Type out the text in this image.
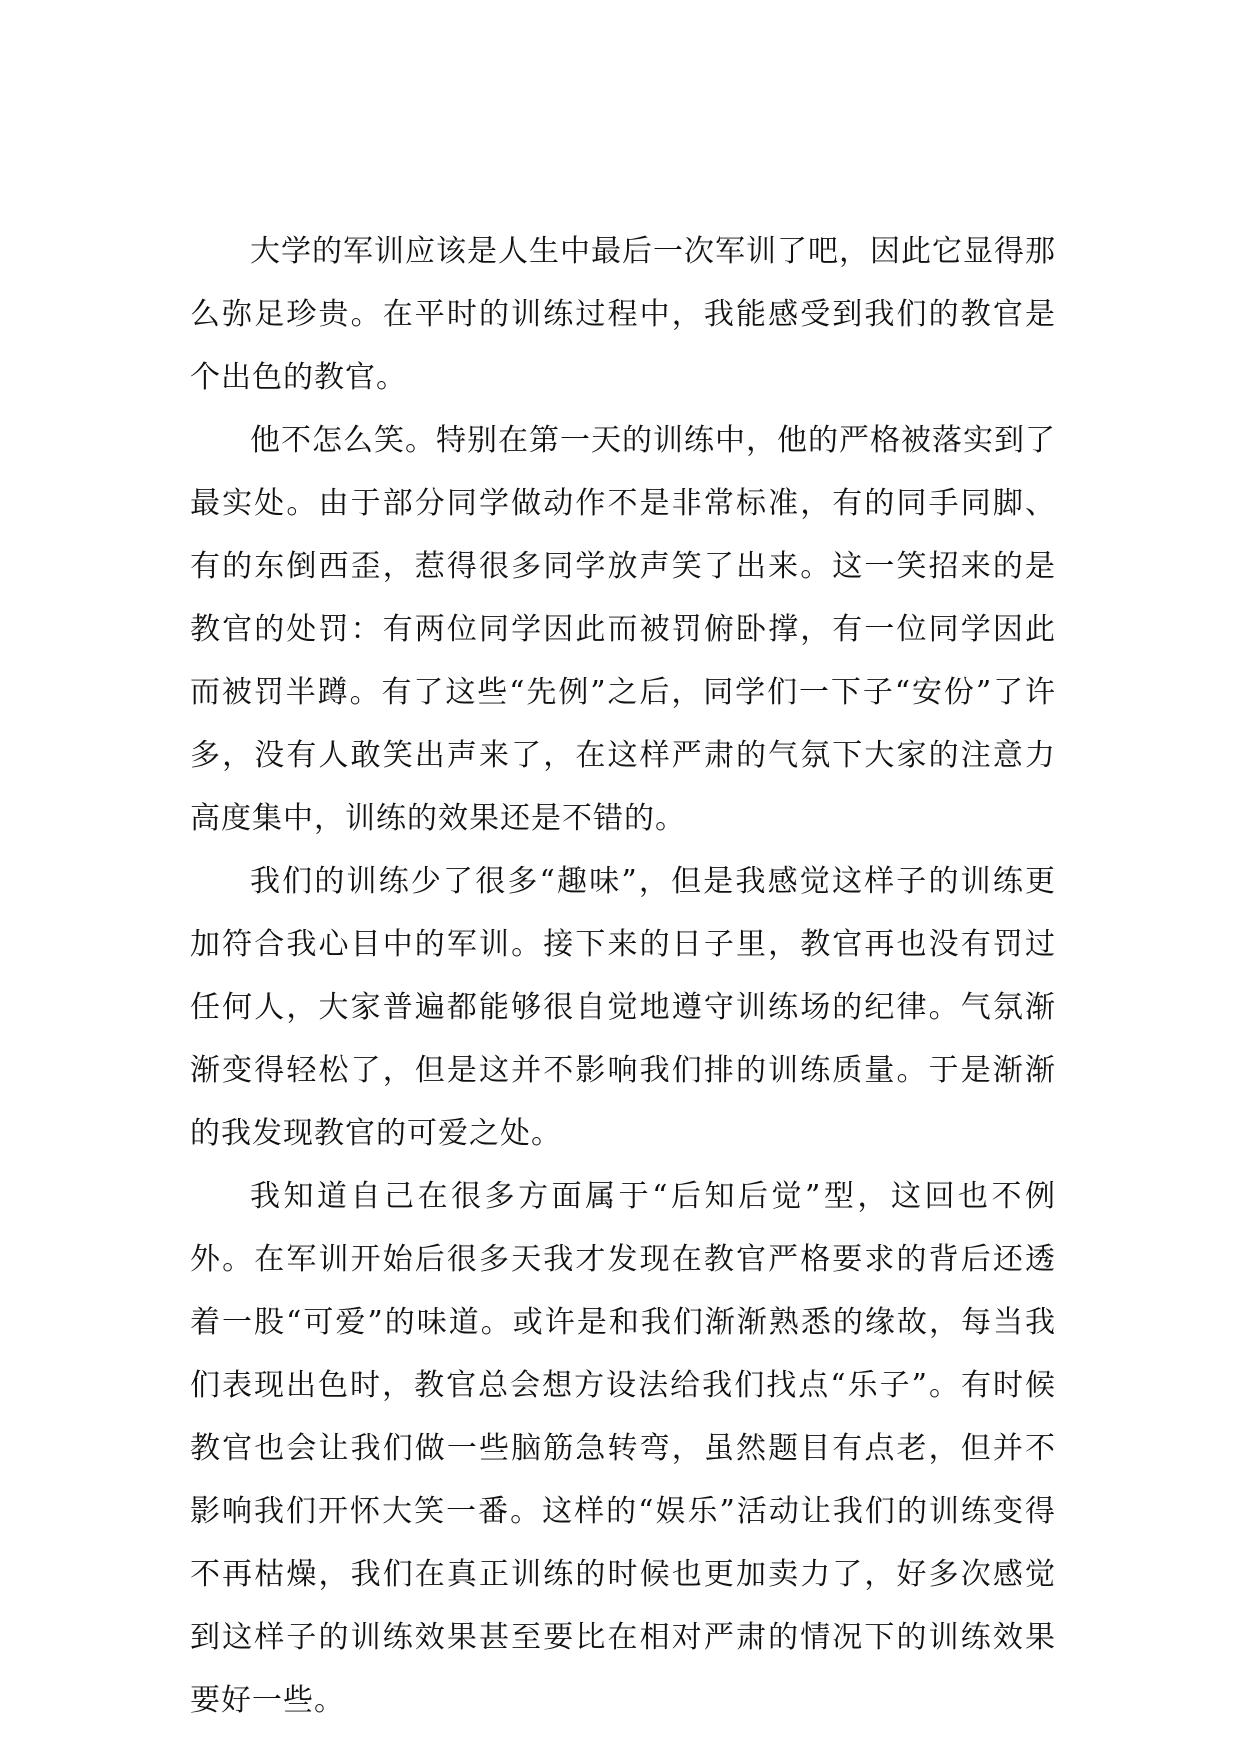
大学的军训应该是人生中最后一次军训了吧，因此它显得那么弥足珍贵。在平时的训练过程中，我能感受到我们的教官是个出色的教官。

他不怎么笑。特别在第一天的训练中，他的严格被落实到了最实处。由于部分同学做动作不是非常标准，有的同手同脚、有的东倒西歪，惹得很多同学放声笑了出来。这一笑招来的是教官的处罚：有两位同学因此而被罚俯卧撑，有一位同学因此而被罚半蹲。有了这些“先例”之后，同学们一下子“安份”了许多，没有人敢笑出声来了，在这样严肃的气氛下大家的注意力高度集中，训练的效果还是不错的。

我们的训练少了很多“趣味”，但是我感觉这样子的训练更加符合我心目中的军训。接下来的日子里，教官再也没有罚过任何人，大家普遍都能够很自觉地遵守训练场的纪律。气氛渐渐变得轻松了，但是这并不影响我们排的训练质量。于是渐渐的我发现教官的可爱之处。

我知道自己在很多方面属于“后知后觉”型，这回也不例外。在军训开始后很多天我才发现在教官严格要求的背后还透着一股“可爱”的味道。或许是和我们渐渐熟悉的缘故，每当我们表现出色时，教官总会想方设法给我们找点“乐子”。有时候教官也会让我们做一些脑筋急转弯，虽然题目有点老，但并不影响我们开怀大笑一番。这样的“娱乐”活动让我们的训练变得不再枯燥，我们在真正训练的时候也更加卖力了，好多次感觉到这样子的训练效果甚至要比在相对严肃的情况下的训练效果要好一些。
